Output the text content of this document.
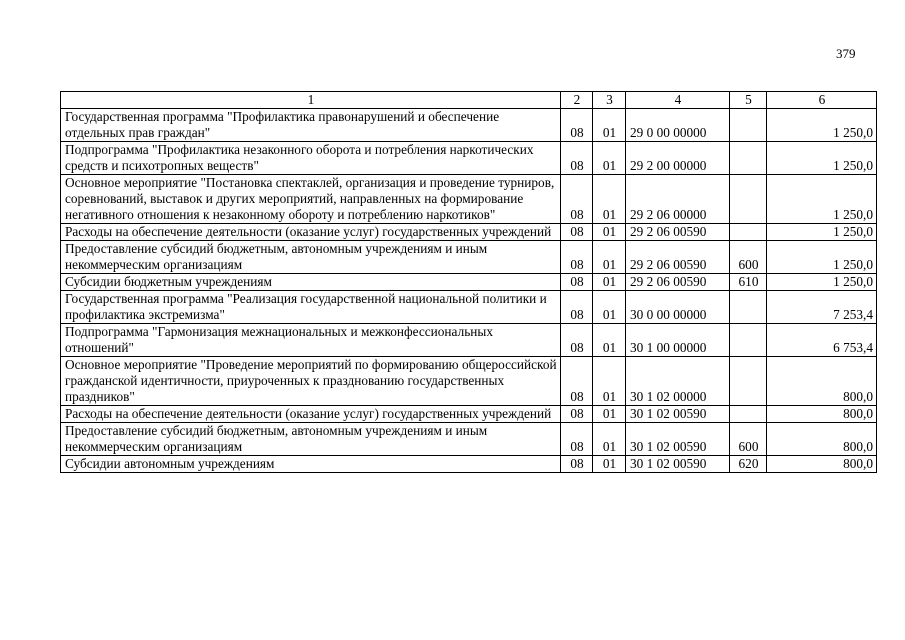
379
1	2	3	4	5	6
Государственная программа "Профилактика правонарушений и обеспечение отдельных прав граждан"	08	01	29 0 00 00000		1 250,0
Подпрограмма "Профилактика незаконного оборота и потребления наркотических средств и психотропных веществ"	08	01	29 2 00 00000		1 250,0
Основное мероприятие "Постановка спектаклей, организация и проведение турниров, соревнований, выставок и других мероприятий, направленных на формирование негативного отношения к незаконному обороту и потреблению наркотиков"	08	01	29 2 06 00000		1 250,0
Расходы на обеспечение деятельности (оказание услуг) государственных учреждений	08	01	29 2 06 00590		1 250,0
Предоставление субсидий бюджетным, автономным учреждениям и иным некоммерческим организациям	08	01	29 2 06 00590	600	1 250,0
Субсидии бюджетным учреждениям	08	01	29 2 06 00590	610	1 250,0
Государственная программа "Реализация государственной национальной политики и профилактика экстремизма"	08	01	30 0 00 00000		7 253,4
Подпрограмма "Гармонизация межнациональных и межконфессиональных отношений"	08	01	30 1 00 00000		6 753,4
Основное мероприятие "Проведение мероприятий по формированию общероссийской гражданской идентичности, приуроченных к празднованию государственных праздников"	08	01	30 1 02 00000		800,0
Расходы на обеспечение деятельности (оказание услуг) государственных учреждений	08	01	30 1 02 00590		800,0
Предоставление субсидий бюджетным, автономным учреждениям и иным некоммерческим организациям	08	01	30 1 02 00590	600	800,0
Субсидии автономным учреждениям	08	01	30 1 02 00590	620	800,0
